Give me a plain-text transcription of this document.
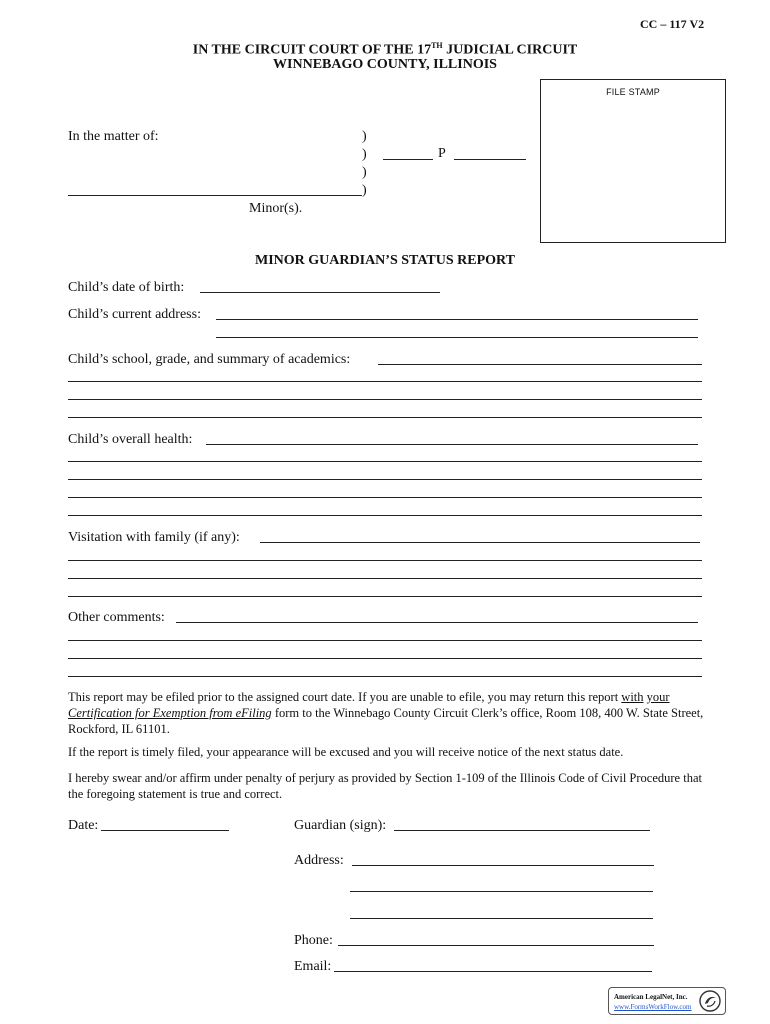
CC – 117 V2
IN THE CIRCUIT COURT OF THE 17TH JUDICIAL CIRCUIT
WINNEBAGO COUNTY, ILLINOIS
FILE STAMP
In the matter of:	)
)
)
)
P
Minor(s).
MINOR GUARDIAN’S STATUS REPORT
Child’s date of birth:
Child’s current address:
Child’s school, grade, and summary of academics:
Child’s overall health:
Visitation with family (if any):
Other comments:
This report may be efiled prior to the assigned court date. If you are unable to efile, you may return this report with your Certification for Exemption from eFiling form to the Winnebago County Circuit Clerk’s office, Room 108, 400 W. State Street, Rockford, IL 61101.
If the report is timely filed, your appearance will be excused and you will receive notice of the next status date.
I hereby swear and/or affirm under penalty of perjury as provided by Section 1-109 of the Illinois Code of Civil Procedure that the foregoing statement is true and correct.
Date:	Guardian (sign):
Address:
Phone:
Email:
American LegalNet, Inc.
www.FormsWorkFlow.com
